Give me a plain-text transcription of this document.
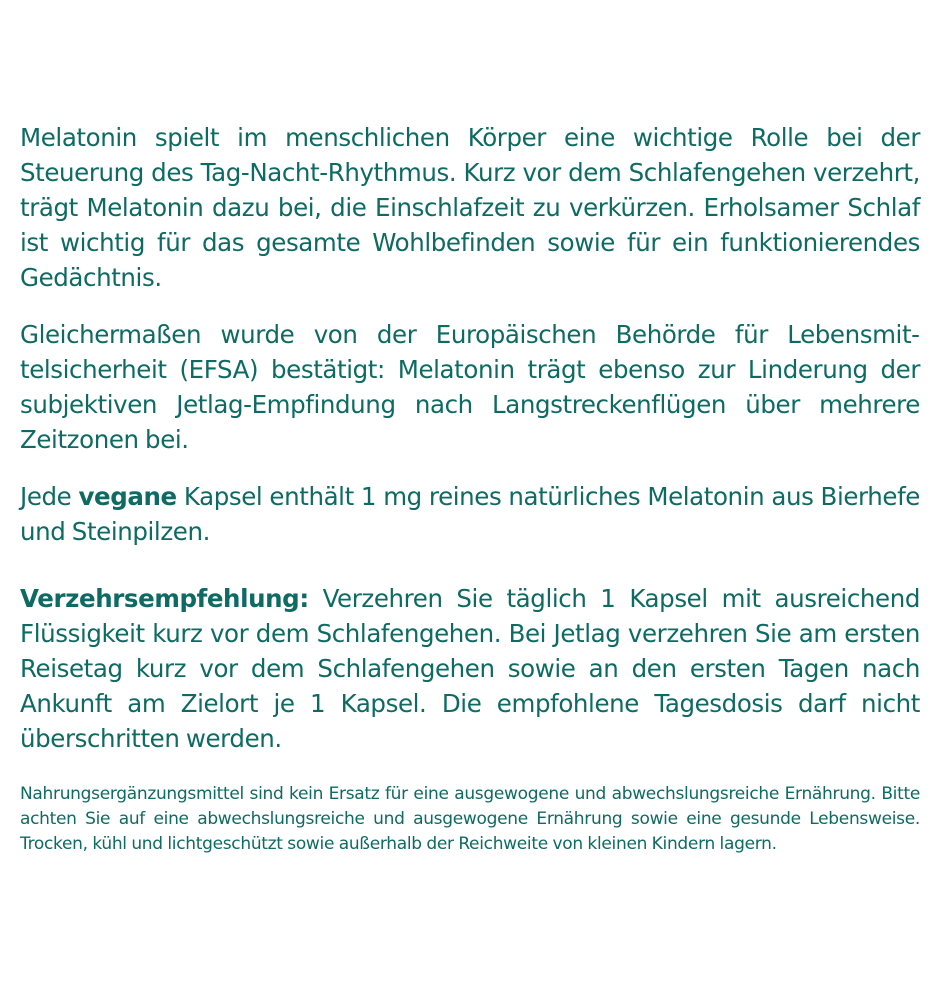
Melatonin spielt im menschlichen Körper eine wichtige Rolle bei der Steuerung des Tag-Nacht-Rhythmus. Kurz vor dem Schlafengehen verzehrt, trägt Melatonin dazu bei, die Einschlafzeit zu verkürzen. Erholsamer Schlaf ist wichtig für das gesamte Wohlbefinden sowie für ein funktionierendes Gedächtnis.

Gleichermaßen wurde von der Europäischen Behörde für Lebensmittelsicherheit (EFSA) bestätigt: Melatonin trägt ebenso zur Linderung der subjektiven Jetlag-Empfindung nach Langstreckenflügen über mehrere Zeitzonen bei.

Jede vegane Kapsel enthält 1 mg reines natürliches Melatonin aus Bierhefe und Steinpilzen.

Verzehrsempfehlung: Verzehren Sie täglich 1 Kapsel mit ausreichend Flüssigkeit kurz vor dem Schlafengehen. Bei Jetlag verzehren Sie am ersten Reisetag kurz vor dem Schlafengehen sowie an den ersten Tagen nach Ankunft am Zielort je 1 Kapsel. Die empfohlene Tagesdosis darf nicht überschritten werden.

Nahrungsergänzungsmittel sind kein Ersatz für eine ausgewogene und abwechslungsreiche Ernährung. Bitte achten Sie auf eine abwechslungsreiche und ausgewogene Ernährung sowie eine gesunde Lebensweise. Trocken, kühl und lichtgeschützt sowie außerhalb der Reichweite von kleinen Kindern lagern.
